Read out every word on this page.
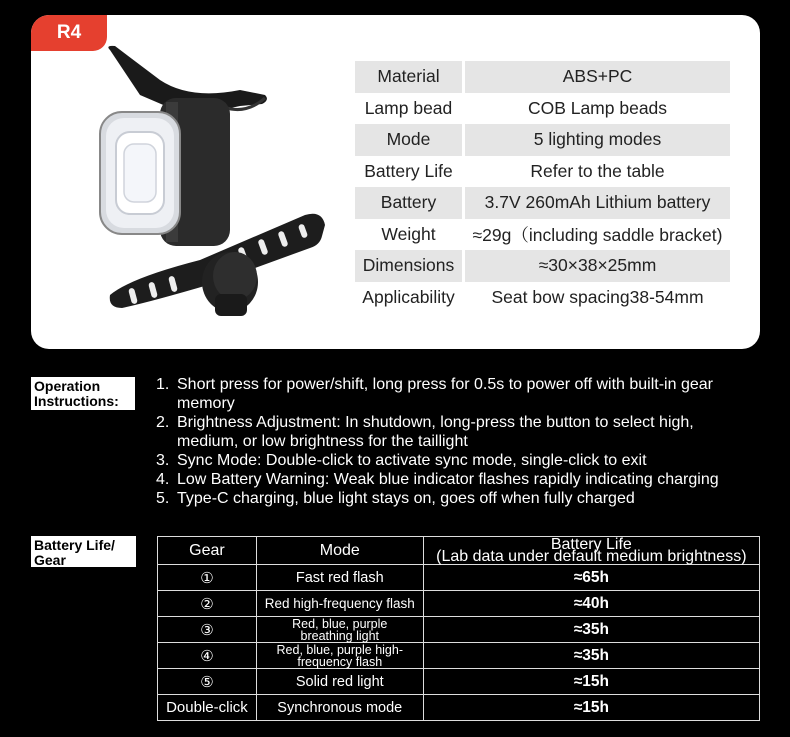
R4
Material	ABS+PC
Lamp bead	COB Lamp beads
Mode	5 lighting modes
Battery Life	Refer to the table
Battery	3.7V 260mAh Lithium battery
Weight	≈29g（including saddle bracket)
Dimensions	≈30×38×25mm
Applicability	Seat bow spacing38-54mm
Operation Instructions:
1. Short press for power/shift, long press for 0.5s to power off with built-in gear memory
2. Brightness Adjustment: In shutdown, long-press the button to select high, medium, or low brightness for the taillight
3. Sync Mode: Double-click to activate sync mode, single-click to exit
4. Low Battery Warning: Weak blue indicator flashes rapidly indicating charging
5. Type-C charging, blue light stays on, goes off when fully charged
Battery Life/ Gear
Gear	Mode	Battery Life
(Lab data under default medium brightness)

①	Fast red flash	≈65h
②	Red high-frequency flash	≈40h
③	Red, blue, purple breathing light	≈35h
④	Red, blue, purple high-frequency flash	≈35h
⑤	Solid red light	≈15h
Double-click	Synchronous mode	≈15h
